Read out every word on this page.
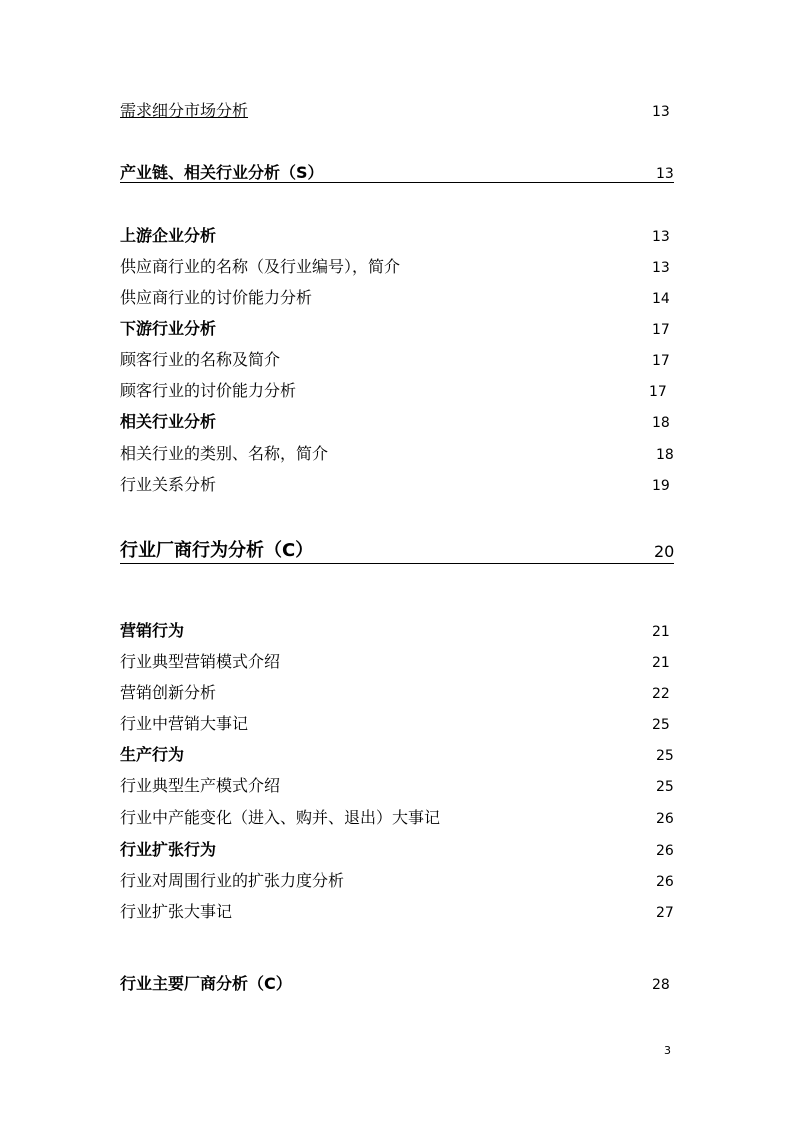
需求细分市场分析	13
产业链、相关行业分析（S）	13
上游企业分析	13
供应商行业的名称（及行业编号），简介	13
供应商行业的讨价能力分析	14
下游行业分析	17
顾客行业的名称及简介	17
顾客行业的讨价能力分析	17
相关行业分析	18
相关行业的类别、名称，简介	18
行业关系分析	19
行业厂商行为分析（C）	20
营销行为	21
行业典型营销模式介绍	21
营销创新分析	22
行业中营销大事记	25
生产行为	25
行业典型生产模式介绍	25
行业中产能变化（进入、购并、退出）大事记	26
行业扩张行为	26
行业对周围行业的扩张力度分析	26
行业扩张大事记	27
行业主要厂商分析（C）	28
3
